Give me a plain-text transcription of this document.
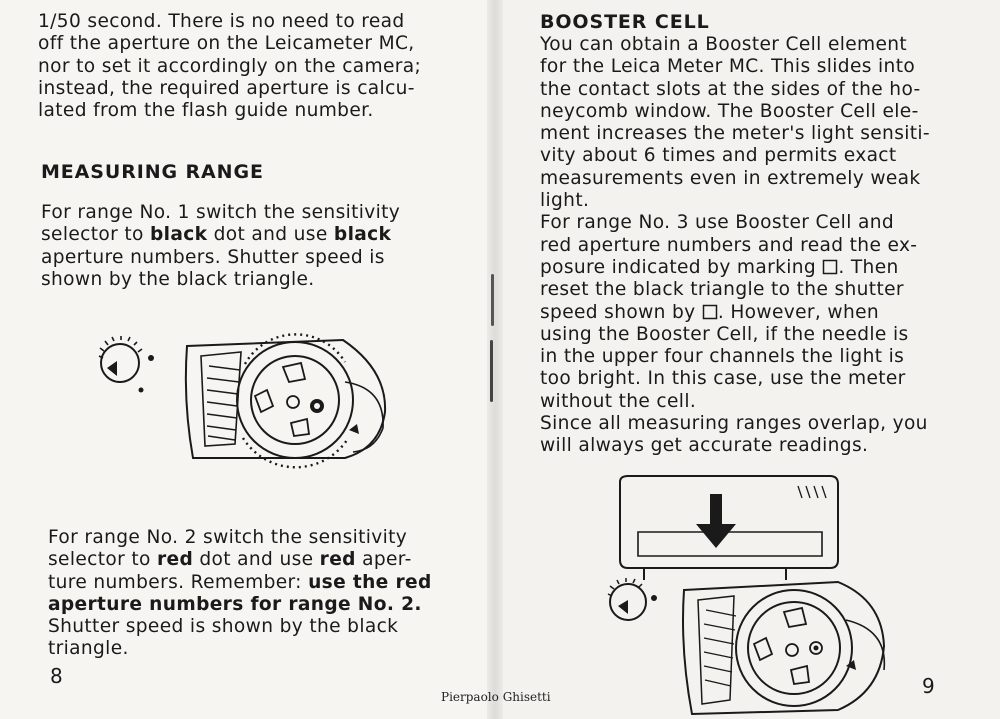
1/50 second. There is no need to read

off the aperture on the Leicameter MC,

nor to set it accordingly on the camera;

instead, the required aperture is calcu-

lated from the flash guide number.

MEASURING RANGE

For range No. 1 switch the sensitivity

selector to black dot and use black

aperture numbers. Shutter speed is

shown by the black triangle.

For range No. 2 switch the sensitivity

selector to red dot and use red aper-

ture numbers. Remember: use the red

aperture numbers for range No. 2.

Shutter speed is shown by the black

triangle.

8
BOOSTER CELL

You can obtain a Booster Cell element

for the Leica Meter MC. This slides into

the contact slots at the sides of the ho-

neycomb window. The Booster Cell ele-

ment increases the meter's light sensiti-

vity about 6 times and permits exact

measurements even in extremely weak

light.

For range No. 3 use Booster Cell and

red aperture numbers and read the ex-

posure indicated by marking . Then

reset the black triangle to the shutter

speed shown by . However, when

using the Booster Cell, if the needle is

in the upper four channels the light is

too bright. In this case, use the meter

without the cell.

Since all measuring ranges overlap, you

will always get accurate readings.

9
Pierpaolo Ghisetti
